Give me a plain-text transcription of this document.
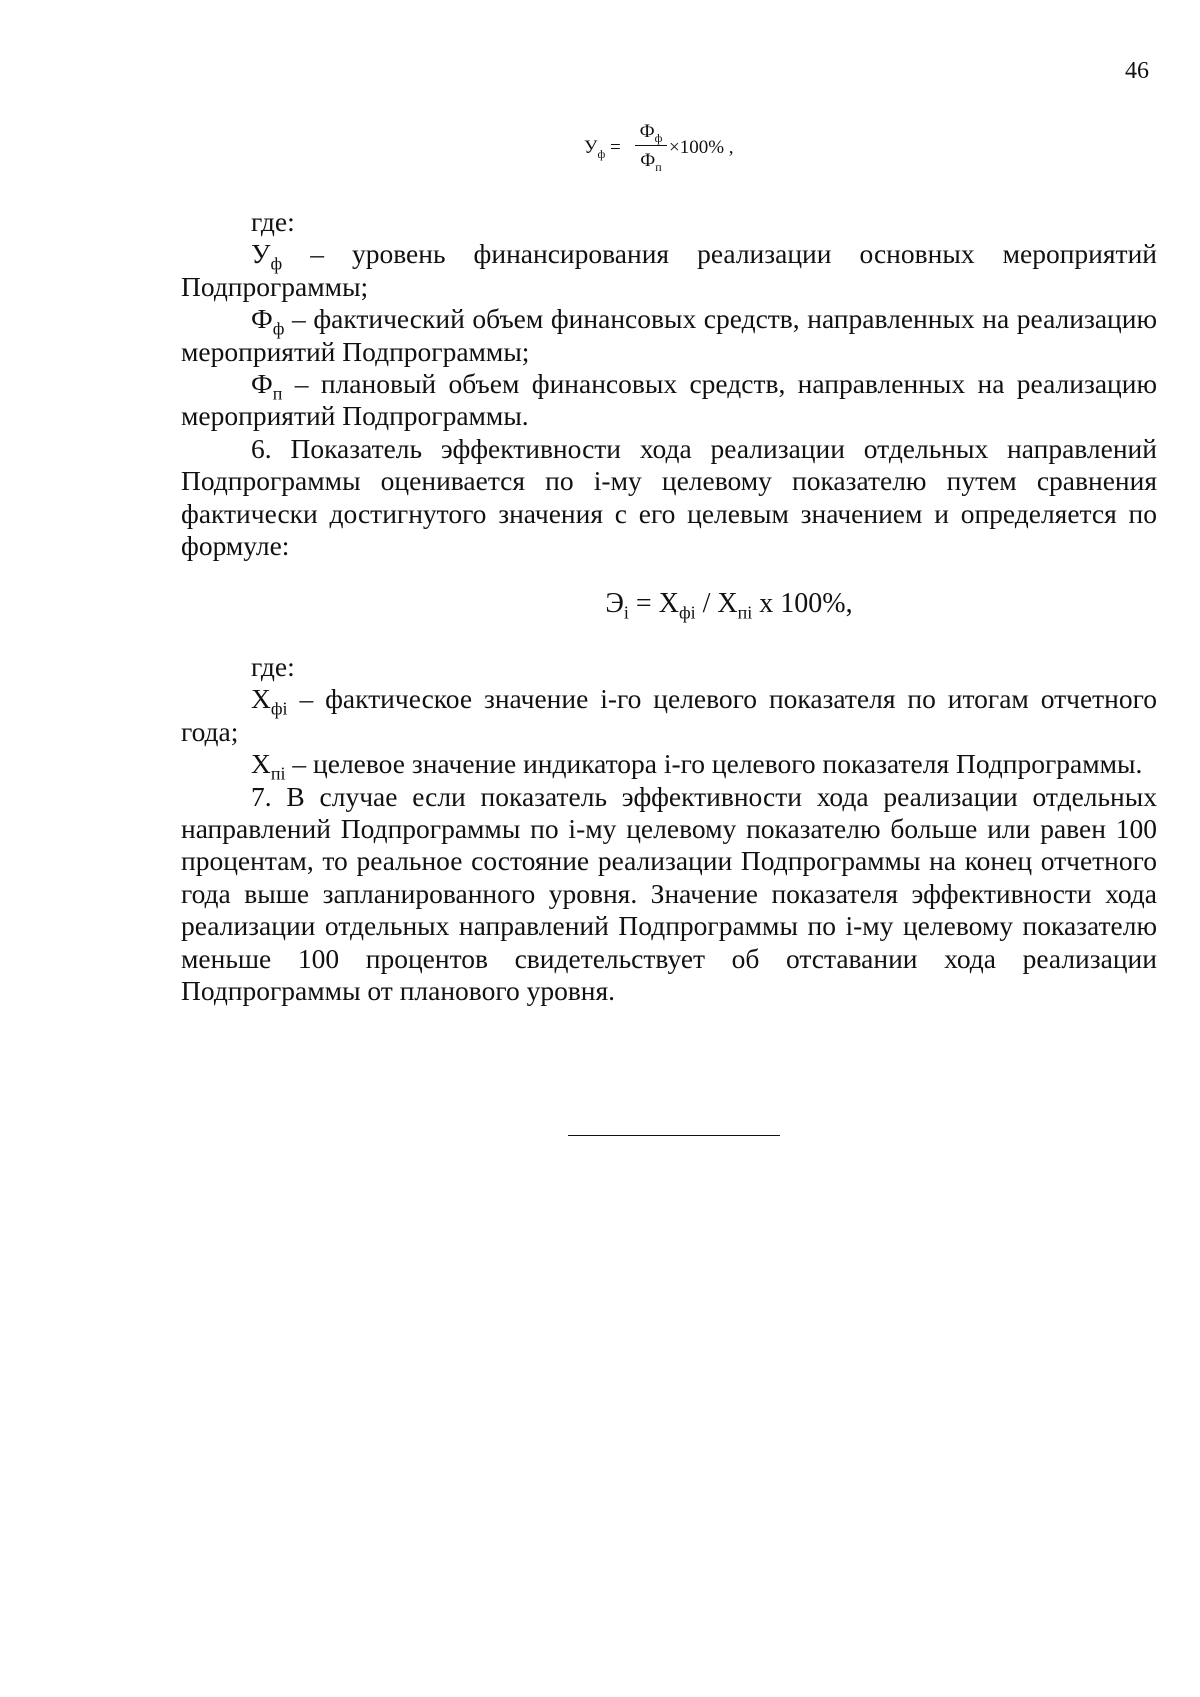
46
$У_ф$ =
$Ф_ф$
$Ф_п$
×100% ,

где:

$У_ф$ – уровень финансирования реализации основных мероприятий Подпрограммы;

$Ф_ф$ – фактический объем финансовых средств, направленных на реализацию мероприятий Подпрограммы;

$Ф_п$ – плановый объем финансовых средств, направленных на реализацию мероприятий Подпрограммы.

6. Показатель эффективности хода реализации отдельных направлений Подпрограммы оценивается по i-му целевому показателю путем сравнения фактически достигнутого значения с его целевым значением и определяется по формуле:

$Э_i = X_{фi} / X_{пi}$ х 100%,

где:

$X_{фi}$ – фактическое значение i-го целевого показателя по итогам отчетного года;

$X_{пi}$ – целевое значение индикатора i-го целевого показателя Подпрограммы.

7. В случае если показатель эффективности хода реализации отдельных направлений Подпрограммы по i-му целевому показателю больше или равен 100 процентам, то реальное состояние реализации Подпрограммы на конец отчетного года выше запланированного уровня. Значение показателя эффективности хода реализации отдельных направлений Подпрограммы по i-му целевому показателю меньше 100 процентов свидетельствует об отставании хода реализации Подпрограммы от планового уровня.
